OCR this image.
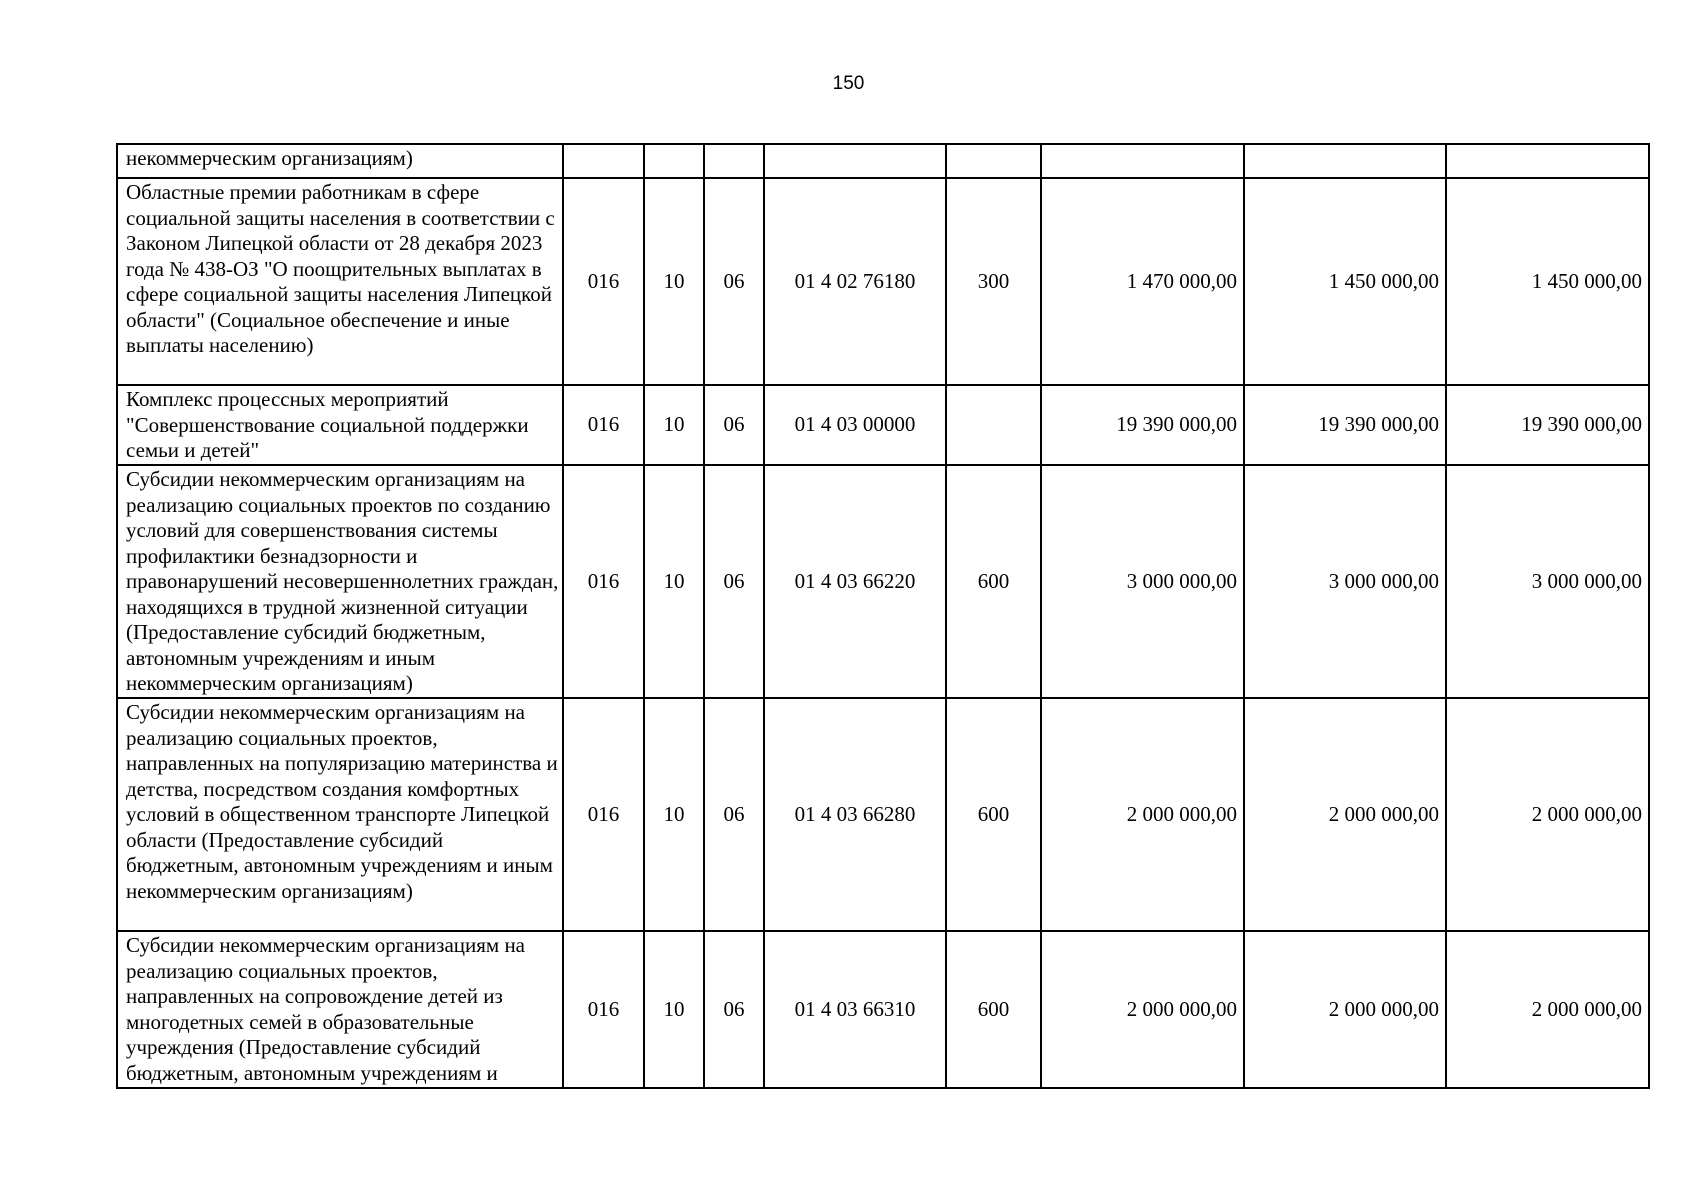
150
некоммерческим организациям)								
Областные премии работникам в сфере социальной защиты населения в соответствии с Законом Липецкой области от 28 декабря 2023 года № 438-ОЗ "О поощрительных выплатах в сфере социальной защиты населения Липецкой области" (Социальное обеспечение и иные выплаты населению)	016	10	06	01 4 02 76180	300	1 470 000,00	1 450 000,00	1 450 000,00
Комплекс процессных мероприятий "Совершенствование социальной поддержки семьи и детей"	016	10	06	01 4 03 00000		19 390 000,00	19 390 000,00	19 390 000,00
Субсидии некоммерческим организациям на реализацию социальных проектов по созданию условий для совершенствования системы профилактики безнадзорности и правонарушений несовершеннолетних граждан, находящихся в трудной жизненной ситуации (Предоставление субсидий бюджетным, автономным учреждениям и иным некоммерческим организациям)	016	10	06	01 4 03 66220	600	3 000 000,00	3 000 000,00	3 000 000,00
Субсидии некоммерческим организациям на реализацию социальных проектов, направленных на популяризацию материнства и детства, посредством создания комфортных условий в общественном транспорте Липецкой области (Предоставление субсидий бюджетным, автономным учреждениям и иным некоммерческим организациям)	016	10	06	01 4 03 66280	600	2 000 000,00	2 000 000,00	2 000 000,00
Субсидии некоммерческим организациям на реализацию социальных проектов, направленных на сопровождение детей из многодетных семей в образовательные учреждения (Предоставление субсидий бюджетным, автономным учреждениям и	016	10	06	01 4 03 66310	600	2 000 000,00	2 000 000,00	2 000 000,00
